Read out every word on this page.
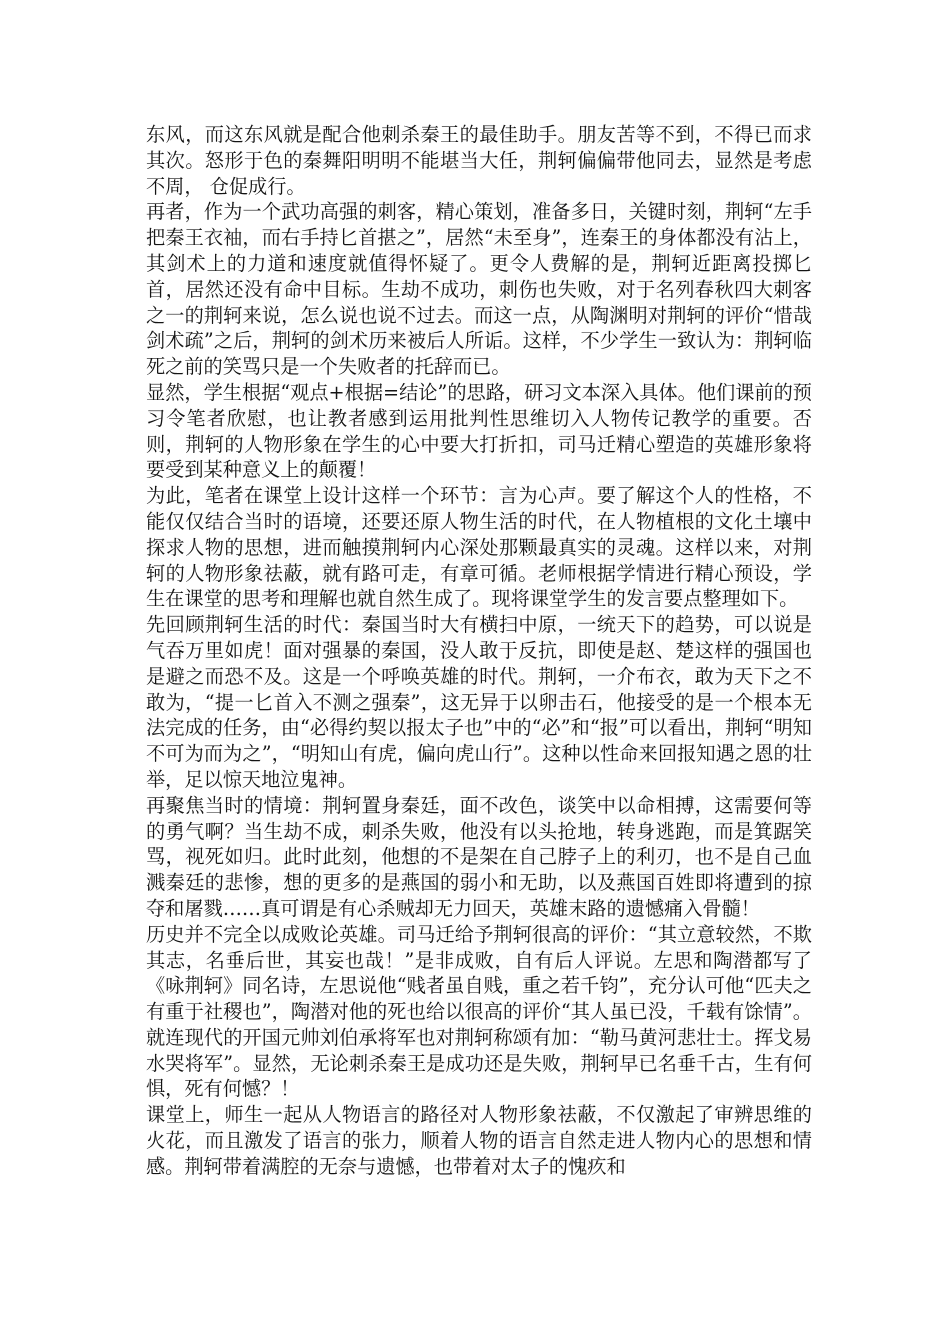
东风，而这东风就是配合他刺杀秦王的最佳助手。朋友苦等不到，不得已而求其次。怒形于色的秦舞阳明明不能堪当大任，荆轲偏偏带他同去，显然是考虑不周， 仓促成行。

再者，作为一个武功高强的刺客，精心策划，准备多日，关键时刻，荆轲“左手把秦王衣袖，而右手持匕首揕之”，居然“未至身”，连秦王的身体都没有沾上，其剑术上的力道和速度就值得怀疑了。更令人费解的是，荆轲近距离投掷匕首，居然还没有命中目标。生劫不成功，刺伤也失败，对于名列春秋四大刺客之一的荆轲来说，怎么说也说不过去。而这一点，从陶渊明对荆轲的评价“惜哉剑术疏”之后，荆轲的剑术历来被后人所诟。这样，不少学生一致认为：荆轲临死之前的笑骂只是一个失败者的托辞而已。

显然，学生根据“观点+根据=结论”的思路，研习文本深入具体。他们课前的预习令笔者欣慰，也让教者感到运用批判性思维切入人物传记教学的重要。否则，荆轲的人物形象在学生的心中要大打折扣，司马迁精心塑造的英雄形象将要受到某种意义上的颠覆！

为此，笔者在课堂上设计这样一个环节：言为心声。要了解这个人的性格，不能仅仅结合当时的语境，还要还原人物生活的时代，在人物植根的文化土壤中探求人物的思想，进而触摸荆轲内心深处那颗最真实的灵魂。这样以来，对荆轲的人物形象祛蔽，就有路可走，有章可循。老师根据学情进行精心预设，学生在课堂的思考和理解也就自然生成了。现将课堂学生的发言要点整理如下。

先回顾荆轲生活的时代：秦国当时大有横扫中原，一统天下的趋势，可以说是气吞万里如虎！面对强暴的秦国，没人敢于反抗，即使是赵、楚这样的强国也是避之而恐不及。这是一个呼唤英雄的时代。荆轲，一介布衣，敢为天下之不敢为，“提一匕首入不测之强秦”，这无异于以卵击石，他接受的是一个根本无法完成的任务，由“必得约契以报太子也”中的“必”和“报”可以看出，荆轲“明知不可为而为之”，“明知山有虎，偏向虎山行”。这种以性命来回报知遇之恩的壮举，足以惊天地泣鬼神。

再聚焦当时的情境：荆轲置身秦廷，面不改色，谈笑中以命相搏，这需要何等的勇气啊？当生劫不成，刺杀失败，他没有以头抢地，转身逃跑，而是箕踞笑骂，视死如归。此时此刻，他想的不是架在自己脖子上的利刃，也不是自己血溅秦廷的悲惨，想的更多的是燕国的弱小和无助，以及燕国百姓即将遭到的掠夺和屠戮……真可谓是有心杀贼却无力回天，英雄末路的遗憾痛入骨髓！

历史并不完全以成败论英雄。司马迁给予荆轲很高的评价：“其立意较然，不欺其志，名垂后世，其妄也哉！”是非成败，自有后人评说。左思和陶潜都写了《咏荆轲》同名诗，左思说他“贱者虽自贱，重之若千钧”，充分认可他“匹夫之有重于社稷也”，陶潜对他的死也给以很高的评价“其人虽已没，千载有馀情”。就连现代的开国元帅刘伯承将军也对荆轲称颂有加：“勒马黄河悲壮士。挥戈易水哭将军”。显然，无论刺杀秦王是成功还是失败，荆轲早已名垂千古，生有何惧，死有何憾？！

课堂上，师生一起从人物语言的路径对人物形象祛蔽，不仅激起了审辨思维的火花，而且激发了语言的张力，顺着人物的语言自然走进人物内心的思想和情感。荆轲带着满腔的无奈与遗憾，也带着对太子的愧疚和
